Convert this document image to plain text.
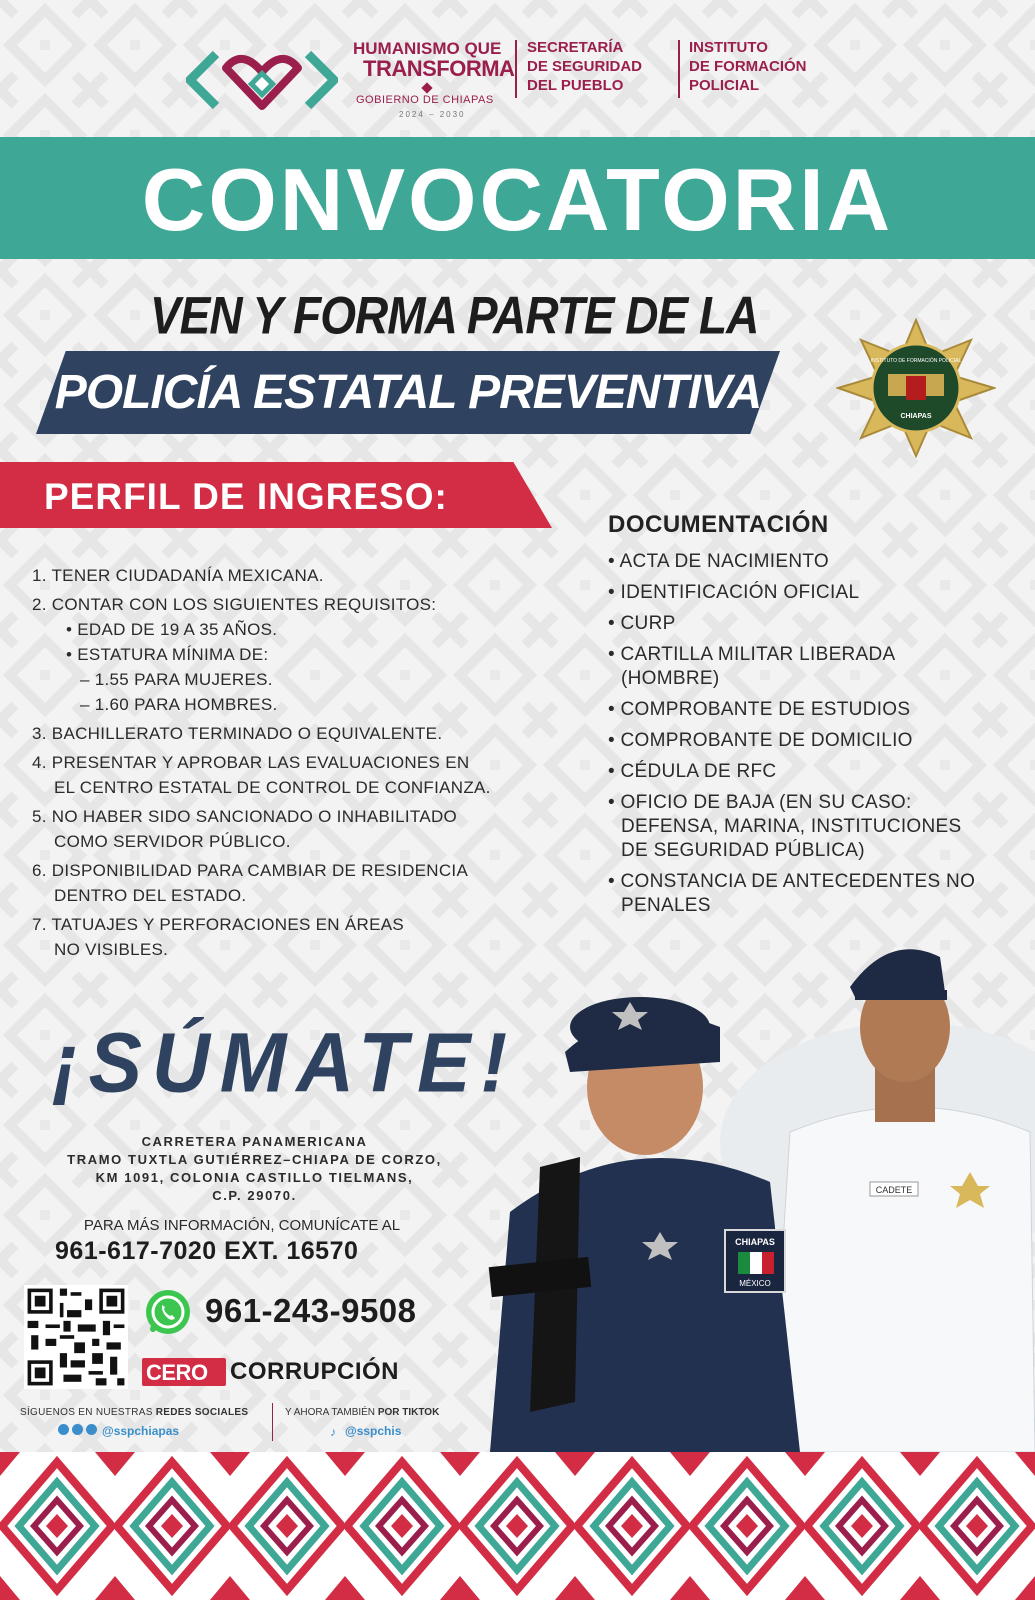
HUMANISMO QUE
TRANSFORMA
GOBIERNO DE CHIAPAS
2024 – 2030
SECRETARÍA
DE SEGURIDAD
DEL PUEBLO
INSTITUTO
DE FORMACIÓN
POLICIAL
CONVOCATORIA
VEN Y FORMA PARTE DE LA
POLICÍA ESTATAL PREVENTIVA
INSTITUTO DE FORMACIÓN POLICIAL
CHIAPAS
PERFIL DE INGRESO:
1. TENER CIUDADANÍA MEXICANA.
2. CONTAR CON LOS SIGUIENTES REQUISITOS:
• EDAD DE 19 A 35 AÑOS.
• ESTATURA MÍNIMA DE:
– 1.55 PARA MUJERES.
– 1.60 PARA HOMBRES.
3. BACHILLERATO TERMINADO O EQUIVALENTE.
4. PRESENTAR Y APROBAR LAS EVALUACIONES EN
EL CENTRO ESTATAL DE CONTROL DE CONFIANZA.
5. NO HABER SIDO SANCIONADO O INHABILITADO
COMO SERVIDOR PÚBLICO.
6. DISPONIBILIDAD PARA CAMBIAR DE RESIDENCIA
DENTRO DEL ESTADO.
7. TATUAJES Y PERFORACIONES EN ÁREAS
NO VISIBLES.
DOCUMENTACIÓN
• ACTA DE NACIMIENTO
• IDENTIFICACIÓN OFICIAL
• CURP
• CARTILLA MILITAR LIBERADA (HOMBRE)
• COMPROBANTE DE ESTUDIOS
• COMPROBANTE DE DOMICILIO
• CÉDULA DE RFC
• OFICIO DE BAJA (EN SU CASO: DEFENSA, MARINA, INSTITUCIONES DE SEGURIDAD PÚBLICA)
• CONSTANCIA DE ANTECEDENTES NO PENALES
CADETE
CHIAPAS
MÉXICO
¡SÚMATE!
CARRETERA PANAMERICANA
TRAMO TUXTLA GUTIÉRREZ–CHIAPA DE CORZO,
KM 1091, COLONIA CASTILLO TIELMANS,
C.P. 29070.
PARA MÁS INFORMACIÓN, COMUNÍCATE AL
961-617-7020 EXT. 16570
961-243-9508
CERO CORRUPCIÓN
SÍGUENOS EN NUESTRAS REDES SOCIALES

@sspchiapas
Y AHORA TAMBIÉN POR TIKTOK
♪ @sspchis
